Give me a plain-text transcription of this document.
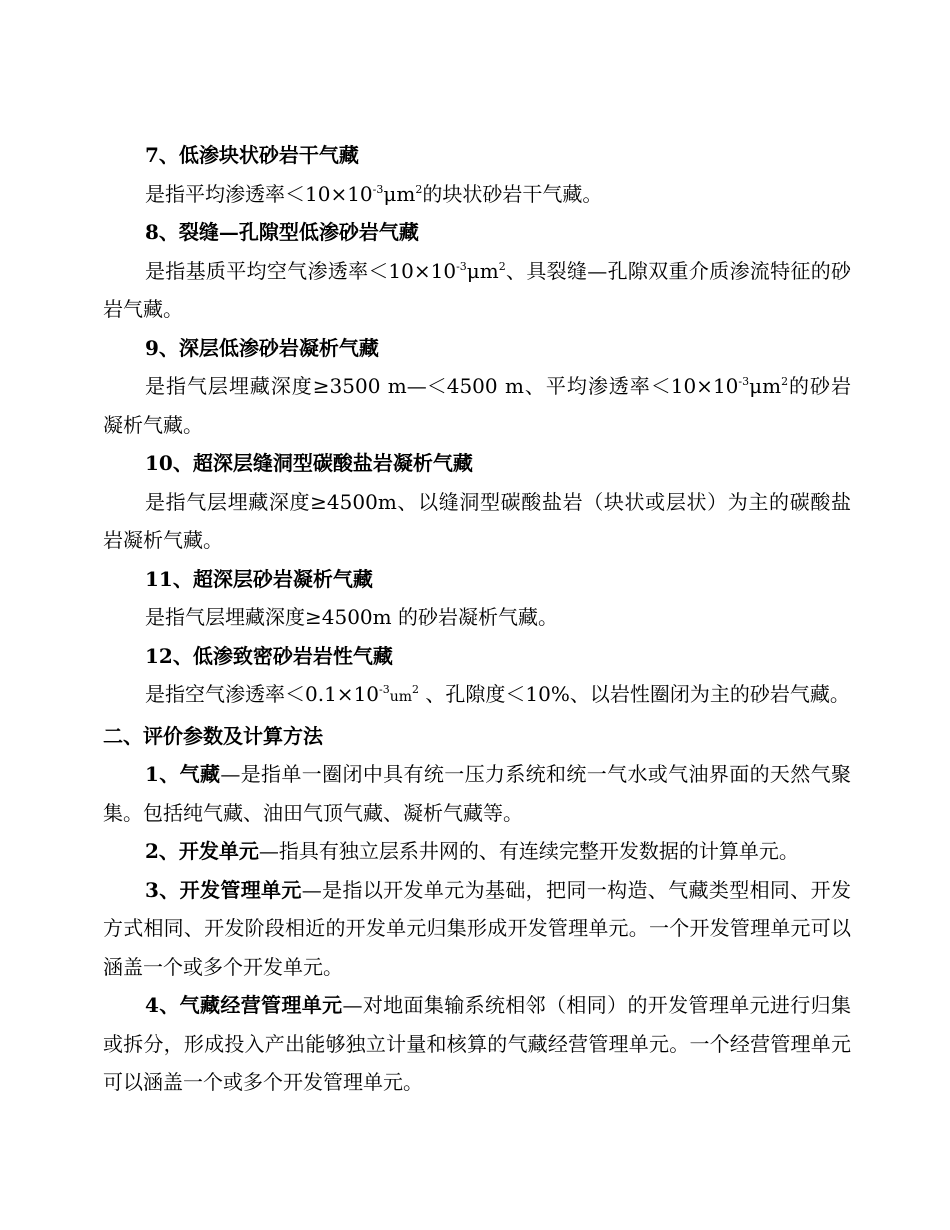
7、低渗块状砂岩干气藏

是指平均渗透率$<10\times 10^{-3}\mu m^2$的块状砂岩干气藏。

8、裂缝—孔隙型低渗砂岩气藏

是指基质平均空气渗透率$<10\times 10^{-3}\mu m^2$、具裂缝—孔隙双重介质渗流特征的砂岩气藏。

9、深层低渗砂岩凝析气藏

是指气层埋藏深度≥3500 m—＜4500 m、平均渗透率$<10\times 10^{-3}\mu m^2$的砂岩凝析气藏。

10、超深层缝洞型碳酸盐岩凝析气藏

是指气层埋藏深度≥4500m、以缝洞型碳酸盐岩（块状或层状）为主的碳酸盐岩凝析气藏。

11、超深层砂岩凝析气藏

是指气层埋藏深度≥4500m 的砂岩凝析气藏。

12、低渗致密砂岩岩性气藏

是指空气渗透率$<0.1\times 10^{-3}um^2$ 、孔隙度＜10%、以岩性圈闭为主的砂岩气藏。

二、评价参数及计算方法

1、气藏—是指单一圈闭中具有统一压力系统和统一气水或气油界面的天然气聚集。包括纯气藏、油田气顶气藏、凝析气藏等。

2、开发单元—指具有独立层系井网的、有连续完整开发数据的计算单元。

3、开发管理单元—是指以开发单元为基础，把同一构造、气藏类型相同、开发方式相同、开发阶段相近的开发单元归集形成开发管理单元。一个开发管理单元可以涵盖一个或多个开发单元。

4、气藏经营管理单元—对地面集输系统相邻（相同）的开发管理单元进行归集或拆分，形成投入产出能够独立计量和核算的气藏经营管理单元。一个经营管理单元可以涵盖一个或多个开发管理单元。
